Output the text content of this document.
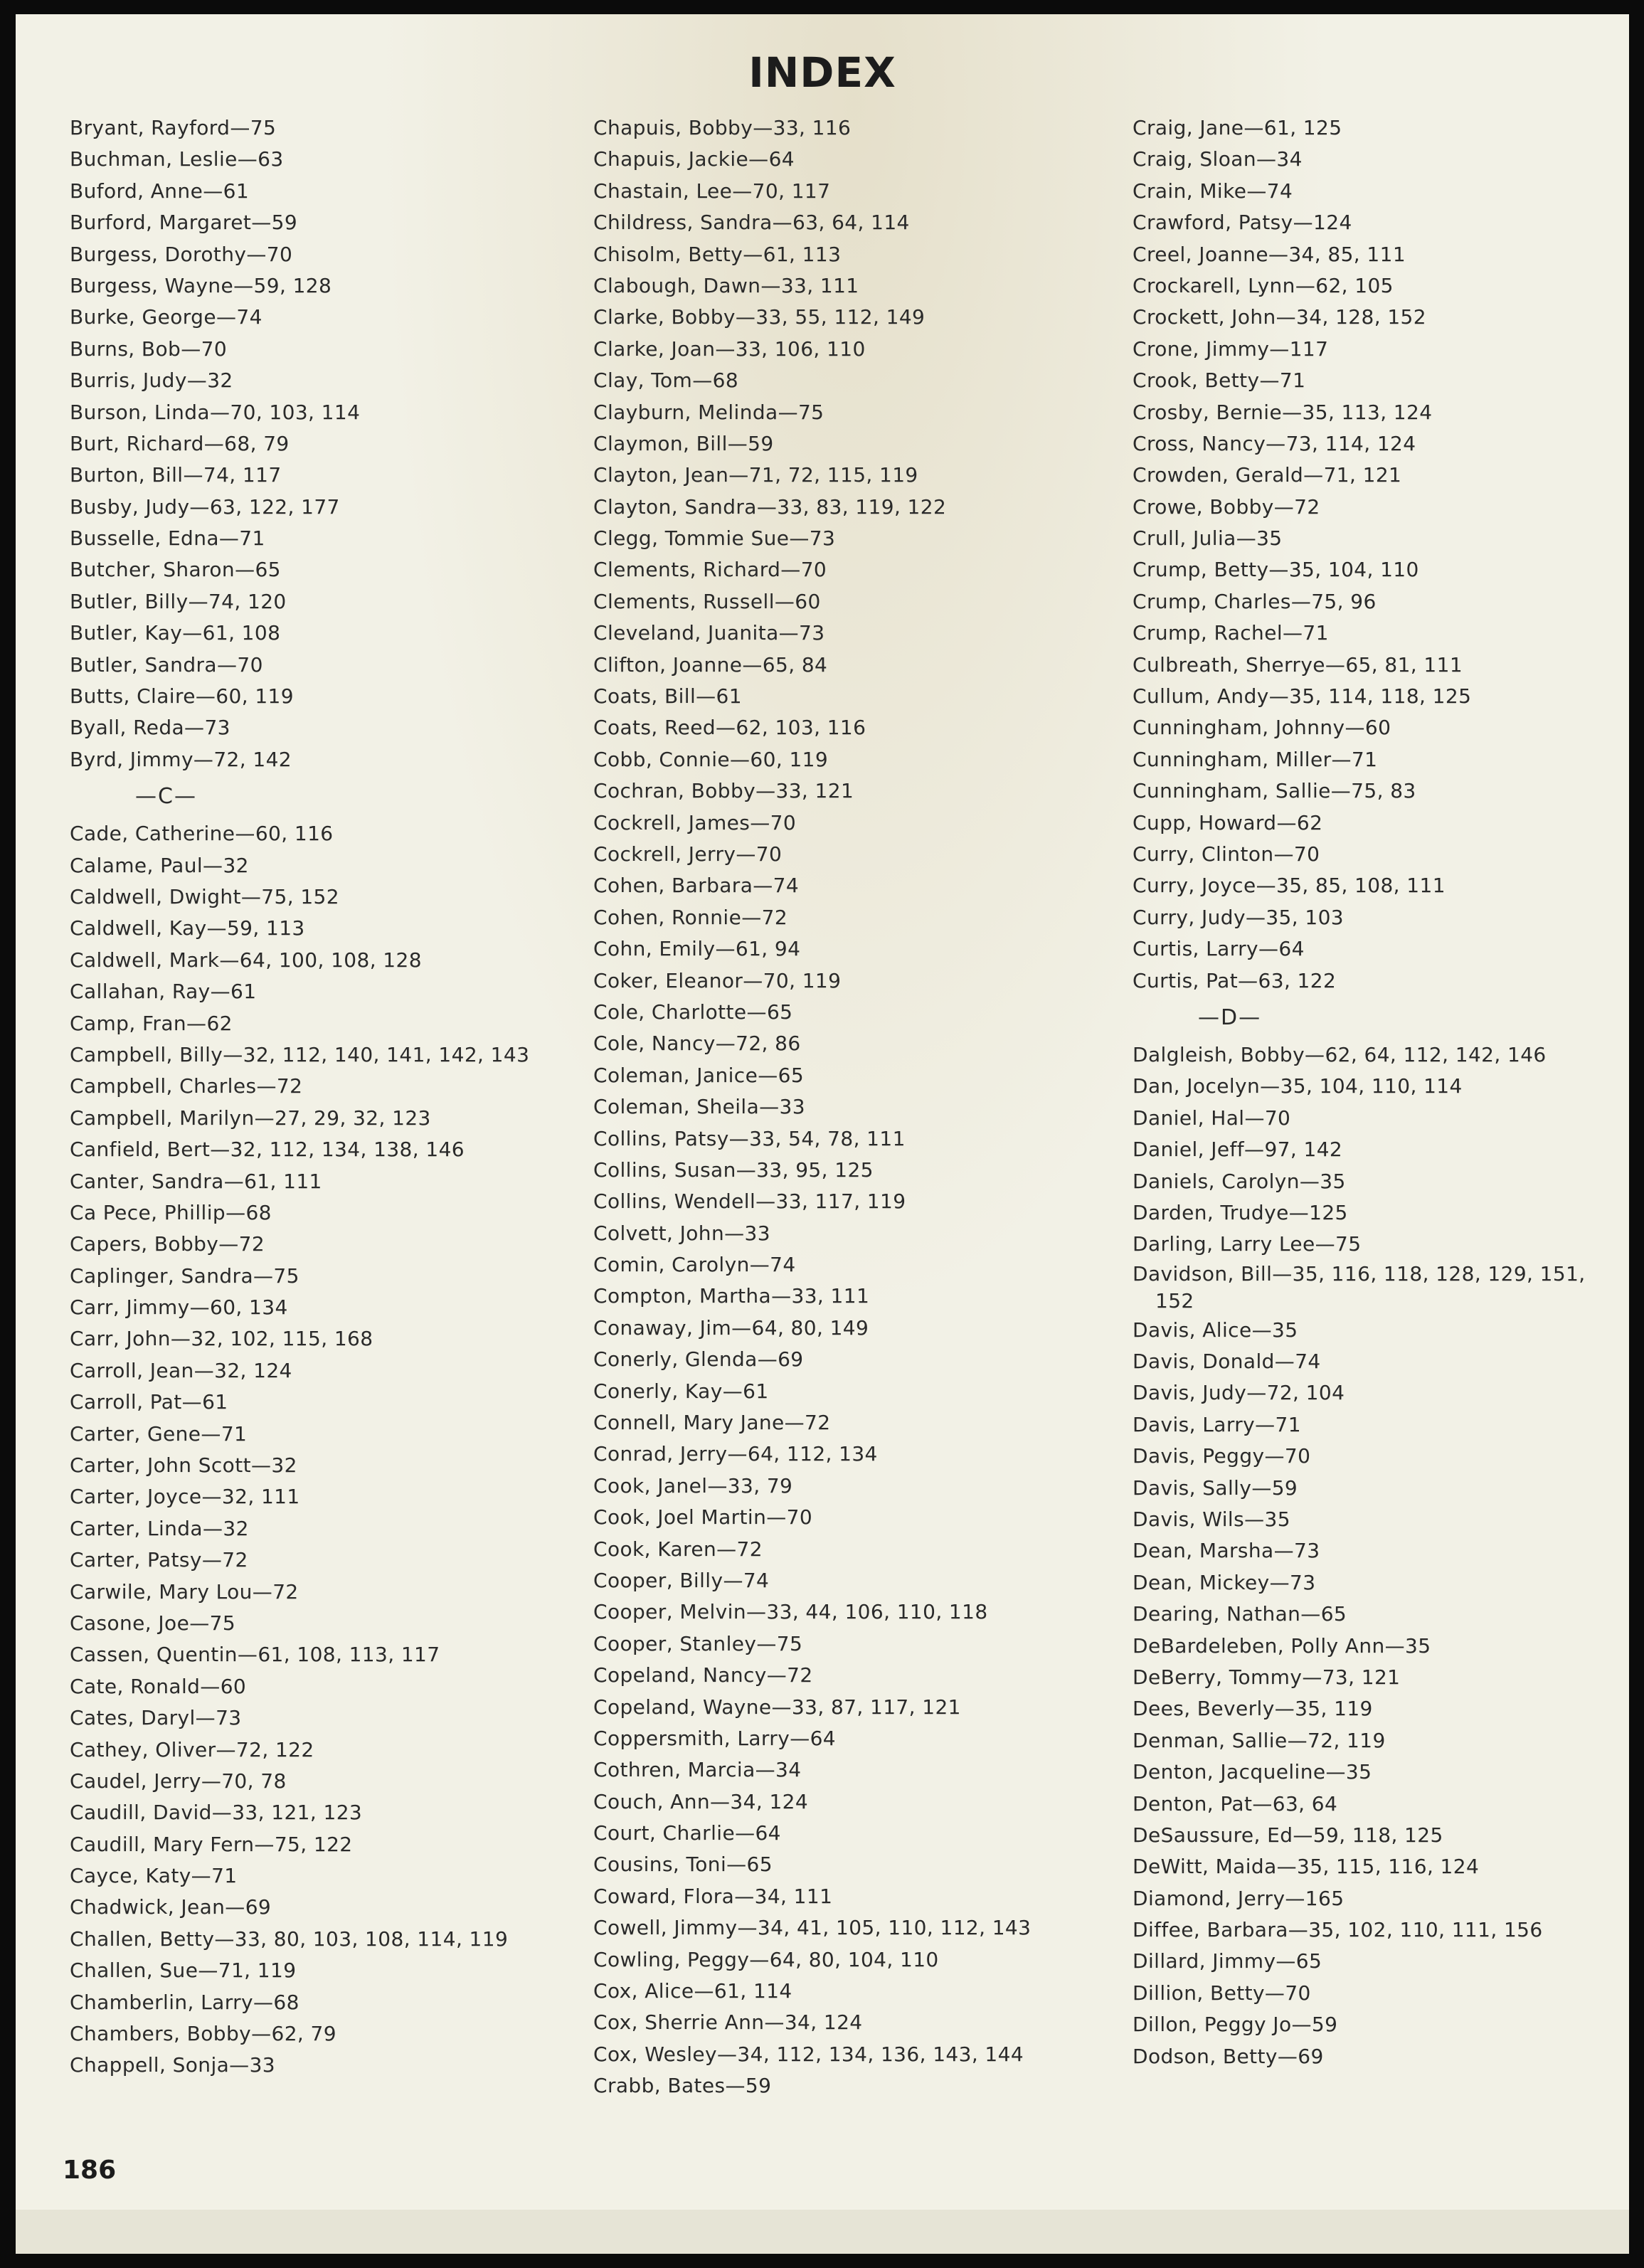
INDEX
Bryant, Rayford—75
Buchman, Leslie—63
Buford, Anne—61
Burford, Margaret—59
Burgess, Dorothy—70
Burgess, Wayne—59, 128
Burke, George—74
Burns, Bob—70
Burris, Judy—32
Burson, Linda—70, 103, 114
Burt, Richard—68, 79
Burton, Bill—74, 117
Busby, Judy—63, 122, 177
Busselle, Edna—71
Butcher, Sharon—65
Butler, Billy—74, 120
Butler, Kay—61, 108
Butler, Sandra—70
Butts, Claire—60, 119
Byall, Reda—73
Byrd, Jimmy—72, 142
—C—
Cade, Catherine—60, 116
Calame, Paul—32
Caldwell, Dwight—75, 152
Caldwell, Kay—59, 113
Caldwell, Mark—64, 100, 108, 128
Callahan, Ray—61
Camp, Fran—62
Campbell, Billy—32, 112, 140, 141, 142, 143
Campbell, Charles—72
Campbell, Marilyn—27, 29, 32, 123
Canfield, Bert—32, 112, 134, 138, 146
Canter, Sandra—61, 111
Ca Pece, Phillip—68
Capers, Bobby—72
Caplinger, Sandra—75
Carr, Jimmy—60, 134
Carr, John—32, 102, 115, 168
Carroll, Jean—32, 124
Carroll, Pat—61
Carter, Gene—71
Carter, John Scott—32
Carter, Joyce—32, 111
Carter, Linda—32
Carter, Patsy—72
Carwile, Mary Lou—72
Casone, Joe—75
Cassen, Quentin—61, 108, 113, 117
Cate, Ronald—60
Cates, Daryl—73
Cathey, Oliver—72, 122
Caudel, Jerry—70, 78
Caudill, David—33, 121, 123
Caudill, Mary Fern—75, 122
Cayce, Katy—71
Chadwick, Jean—69
Challen, Betty—33, 80, 103, 108, 114, 119
Challen, Sue—71, 119
Chamberlin, Larry—68
Chambers, Bobby—62, 79
Chappell, Sonja—33
Chapuis, Bobby—33, 116
Chapuis, Jackie—64
Chastain, Lee—70, 117
Childress, Sandra—63, 64, 114
Chisolm, Betty—61, 113
Clabough, Dawn—33, 111
Clarke, Bobby—33, 55, 112, 149
Clarke, Joan—33, 106, 110
Clay, Tom—68
Clayburn, Melinda—75
Claymon, Bill—59
Clayton, Jean—71, 72, 115, 119
Clayton, Sandra—33, 83, 119, 122
Clegg, Tommie Sue—73
Clements, Richard—70
Clements, Russell—60
Cleveland, Juanita—73
Clifton, Joanne—65, 84
Coats, Bill—61
Coats, Reed—62, 103, 116
Cobb, Connie—60, 119
Cochran, Bobby—33, 121
Cockrell, James—70
Cockrell, Jerry—70
Cohen, Barbara—74
Cohen, Ronnie—72
Cohn, Emily—61, 94
Coker, Eleanor—70, 119
Cole, Charlotte—65
Cole, Nancy—72, 86
Coleman, Janice—65
Coleman, Sheila—33
Collins, Patsy—33, 54, 78, 111
Collins, Susan—33, 95, 125
Collins, Wendell—33, 117, 119
Colvett, John—33
Comin, Carolyn—74
Compton, Martha—33, 111
Conaway, Jim—64, 80, 149
Conerly, Glenda—69
Conerly, Kay—61
Connell, Mary Jane—72
Conrad, Jerry—64, 112, 134
Cook, Janel—33, 79
Cook, Joel Martin—70
Cook, Karen—72
Cooper, Billy—74
Cooper, Melvin—33, 44, 106, 110, 118
Cooper, Stanley—75
Copeland, Nancy—72
Copeland, Wayne—33, 87, 117, 121
Coppersmith, Larry—64
Cothren, Marcia—34
Couch, Ann—34, 124
Court, Charlie—64
Cousins, Toni—65
Coward, Flora—34, 111
Cowell, Jimmy—34, 41, 105, 110, 112, 143
Cowling, Peggy—64, 80, 104, 110
Cox, Alice—61, 114
Cox, Sherrie Ann—34, 124
Cox, Wesley—34, 112, 134, 136, 143, 144
Crabb, Bates—59
Craig, Jane—61, 125
Craig, Sloan—34
Crain, Mike—74
Crawford, Patsy—124
Creel, Joanne—34, 85, 111
Crockarell, Lynn—62, 105
Crockett, John—34, 128, 152
Crone, Jimmy—117
Crook, Betty—71
Crosby, Bernie—35, 113, 124
Cross, Nancy—73, 114, 124
Crowden, Gerald—71, 121
Crowe, Bobby—72
Crull, Julia—35
Crump, Betty—35, 104, 110
Crump, Charles—75, 96
Crump, Rachel—71
Culbreath, Sherrye—65, 81, 111
Cullum, Andy—35, 114, 118, 125
Cunningham, Johnny—60
Cunningham, Miller—71
Cunningham, Sallie—75, 83
Cupp, Howard—62
Curry, Clinton—70
Curry, Joyce—35, 85, 108, 111
Curry, Judy—35, 103
Curtis, Larry—64
Curtis, Pat—63, 122
—D—
Dalgleish, Bobby—62, 64, 112, 142, 146
Dan, Jocelyn—35, 104, 110, 114
Daniel, Hal—70
Daniel, Jeff—97, 142
Daniels, Carolyn—35
Darden, Trudye—125
Darling, Larry Lee—75
Davidson, Bill—35, 116, 118, 128, 129, 151,
152
Davis, Alice—35
Davis, Donald—74
Davis, Judy—72, 104
Davis, Larry—71
Davis, Peggy—70
Davis, Sally—59
Davis, Wils—35
Dean, Marsha—73
Dean, Mickey—73
Dearing, Nathan—65
DeBardeleben, Polly Ann—35
DeBerry, Tommy—73, 121
Dees, Beverly—35, 119
Denman, Sallie—72, 119
Denton, Jacqueline—35
Denton, Pat—63, 64
DeSaussure, Ed—59, 118, 125
DeWitt, Maida—35, 115, 116, 124
Diamond, Jerry—165
Diffee, Barbara—35, 102, 110, 111, 156
Dillard, Jimmy—65
Dillion, Betty—70
Dillon, Peggy Jo—59
Dodson, Betty—69
186
